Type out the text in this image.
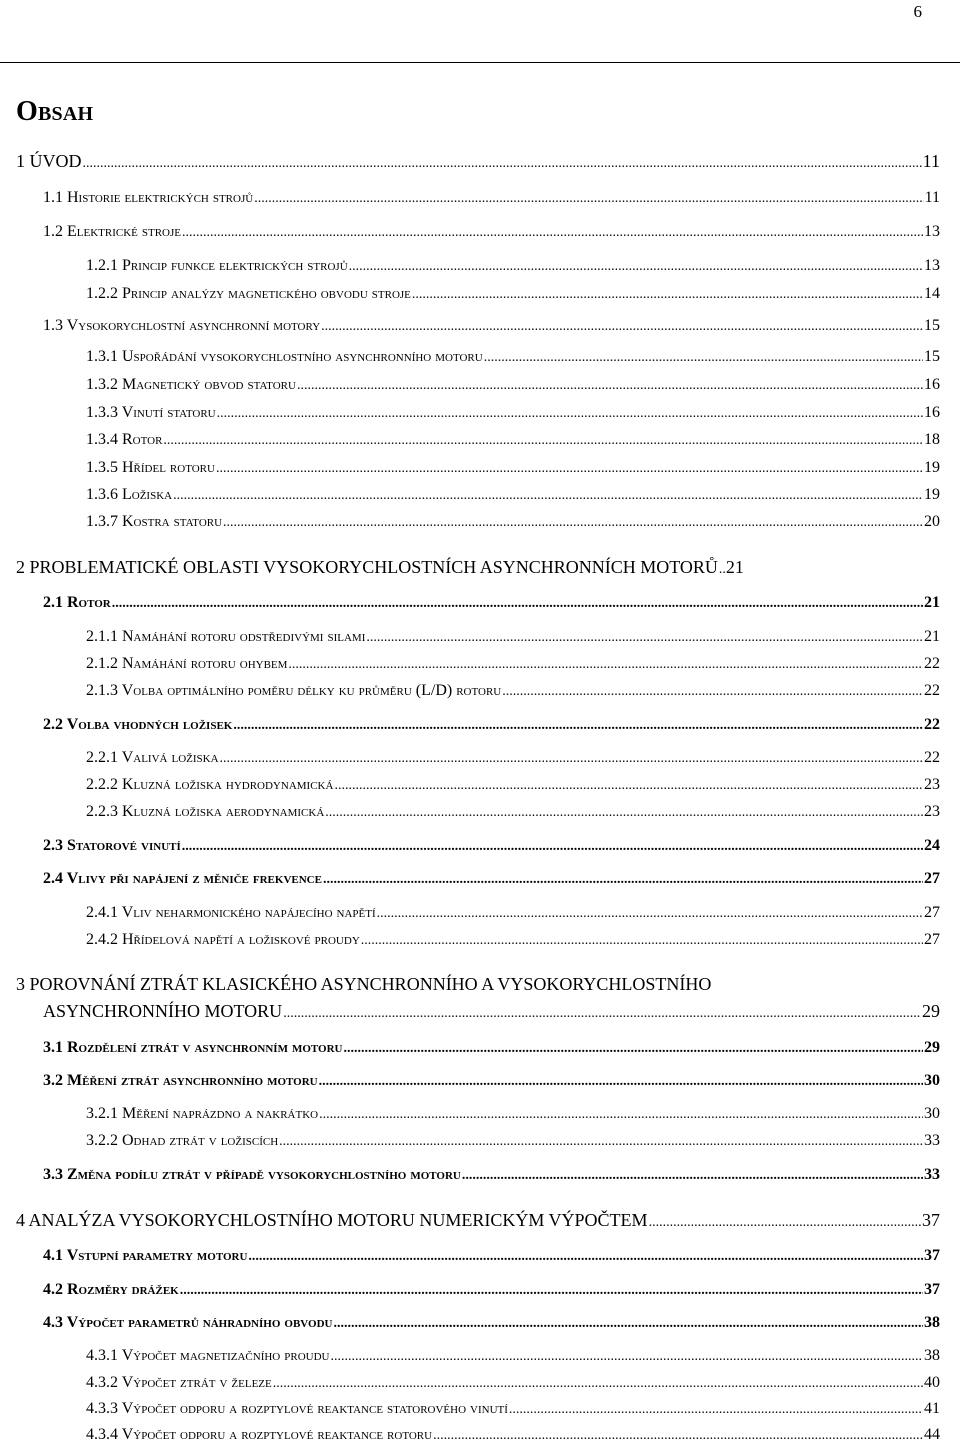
6
Obsah
1 ÚVOD .....	11
1.1 Historie elektrických strojů .....	11
1.2 Elektrické stroje .....	13
1.2.1 Princip funkce elektrických strojů .....	13
1.2.2 Princip analýzy magnetického obvodu stroje .....	14
1.3 Vysokorychlostní asynchronní motory .....	15
1.3.1 Uspořádání vysokorychlostního asynchronního motoru .....	15
1.3.2 Magnetický obvod statoru .....	16
1.3.3 Vinutí statoru .....	16
1.3.4 Rotor .....	18
1.3.5 Hřídel rotoru .....	19
1.3.6 Ložiska .....	19
1.3.7 Kostra statoru .....	20
2 PROBLEMATICKÉ OBLASTI VYSOKORYCHLOSTNÍCH ASYNCHRONNÍCH MOTORŮ ..... 21
2.1 Rotor .....	21
2.1.1 Namáhání rotoru odstředivými silami .....	21
2.1.2 Namáhání rotoru ohybem .....	22
2.1.3 Volba optimálního poměru délky ku průměru (L/D) rotoru .....	22
2.2 Volba vhodných ložisek .....	22
2.2.1 Valivá ložiska .....	22
2.2.2 Kluzná ložiska hydrodynamická .....	23
2.2.3 Kluzná ložiska aerodynamická .....	23
2.3 Statorové vinutí .....	24
2.4 Vlivy při napájení z měniče frekvence .....	27
2.4.1 Vliv neharmonického napájecího napětí .....	27
2.4.2 Hřídelová napětí a ložiskové proudy .....	27
3 POROVNÁNÍ ZTRÁT KLASICKÉHO ASYNCHRONNÍHO A VYSOKORYCHLOSTNÍHO
ASYNCHRONNÍHO MOTORU .....	29
3.1 Rozdělení ztrát v asynchronním motoru .....	29
3.2 Měření ztrát asynchronního motoru .....	30
3.2.1 Měření naprázdno a nakrátko .....	30
3.2.2 Odhad ztrát v ložiscích .....	33
3.3 Změna podílu ztrát v případě vysokorychlostního motoru .....	33
4 ANALÝZA VYSOKORYCHLOSTNÍHO MOTORU NUMERICKÝM VÝPOČTEM .....	37
4.1 Vstupní parametry motoru .....	37
4.2 Rozměry drážek .....	37
4.3 Výpočet parametrů náhradního obvodu .....	38
4.3.1 Výpočet magnetizačního proudu .....	38
4.3.2 Výpočet ztrát v železe .....	40
4.3.3 Výpočet odporu a rozptylové reaktance statorového vinutí .....	41
4.3.4 Výpočet odporu a rozptylové reaktance rotoru .....	44
